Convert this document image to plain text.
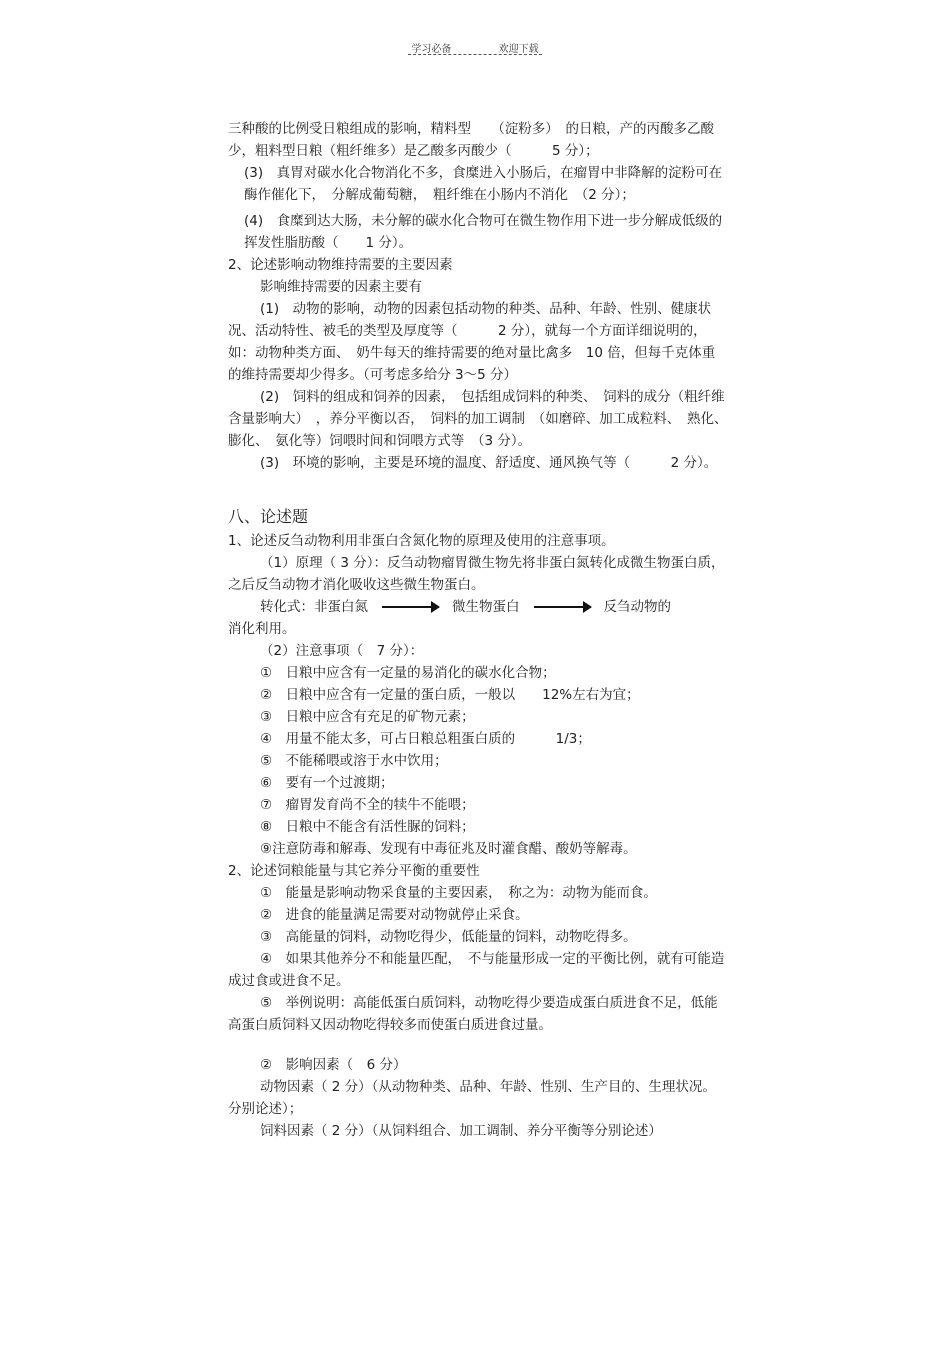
学习必备	欢迎下载

三种酸的比例受日粮组成的影响，精料型　　（淀粉多）　的日粮，产的丙酸多乙酸少，粗料型日粮（粗纤维多）是乙酸多丙酸少（　　　5 分）；

(3)　真胃对碳水化合物消化不多，食糜进入小肠后，在瘤胃中非降解的淀粉可在酶作催化下，　分解成葡萄糖，　粗纤维在小肠内不消化　（2 分）；

(4)　食糜到达大肠，未分解的碳水化合物可在微生物作用下进一步分解成低级的挥发性脂肪酸（　　1 分）。

2、论述影响动物维持需要的主要因素

影响维持需要的因素主要有

(1)　动物的影响，动物的因素包括动物的种类、品种、年龄、性别、健康状况、活动特性、被毛的类型及厚度等（　　　2 分），就每一个方面详细说明的，　如：动物种类方面、　奶牛每天的维持需要的绝对量比禽多　10 倍，但每千克体重的维持需要却少得多。（可考虑多给分 3～5 分）

(2)　饲料的组成和饲养的因素，　包括组成饲料的种类、　饲料的成分（粗纤维含量影响大）　，养分平衡以否，　饲料的加工调制　（如磨碎、加工成粒料、　熟化、膨化、　氨化等）饲喂时间和饲喂方式等　（3 分）。

(3)　环境的影响，主要是环境的温度、舒适度、通风换气等（　　　2 分）。

八、论述题

1、论述反刍动物利用非蛋白含氮化物的原理及使用的注意事项。

（1）原理（ 3 分）：反刍动物瘤胃微生物先将非蛋白氮转化成微生物蛋白质，之后反刍动物才消化吸收这些微生物蛋白。

转化式：非蛋白氮	微生物蛋白	反刍动物的

消化利用。

（2）注意事项（　7 分）：

①　日粮中应含有一定量的易消化的碳水化合物；

②　日粮中应含有一定量的蛋白质，一般以　　12%左右为宜；

③　日粮中应含有充足的矿物元素；

④　用量不能太多，可占日粮总粗蛋白质的　　　1/3；

⑤　不能稀喂或溶于水中饮用；

⑥　要有一个过渡期；

⑦　瘤胃发育尚不全的犊牛不能喂；

⑧　日粮中不能含有活性脲的饲料；

⑨注意防毒和解毒、发现有中毒征兆及时灌食醋、酸奶等解毒。

2、论述饲粮能量与其它养分平衡的重要性

①　能量是影响动物采食量的主要因素，　称之为：动物为能而食。

②　进食的能量满足需要对动物就停止采食。

③　高能量的饲料，动物吃得少，低能量的饲料，动物吃得多。

④　如果其他养分不和能量匹配，　不与能量形成一定的平衡比例，就有可能造成过食或进食不足。

⑤　举例说明：高能低蛋白质饲料，动物吃得少要造成蛋白质进食不足，低能高蛋白质饲料又因动物吃得较多而使蛋白质进食过量。

②　影响因素（　6 分）

动物因素（ 2 分）（从动物种类、品种、年龄、性别、生产目的、生理状况。分别论述）；

饲料因素（ 2 分）（从饲料组合、加工调制、养分平衡等分别论述）
